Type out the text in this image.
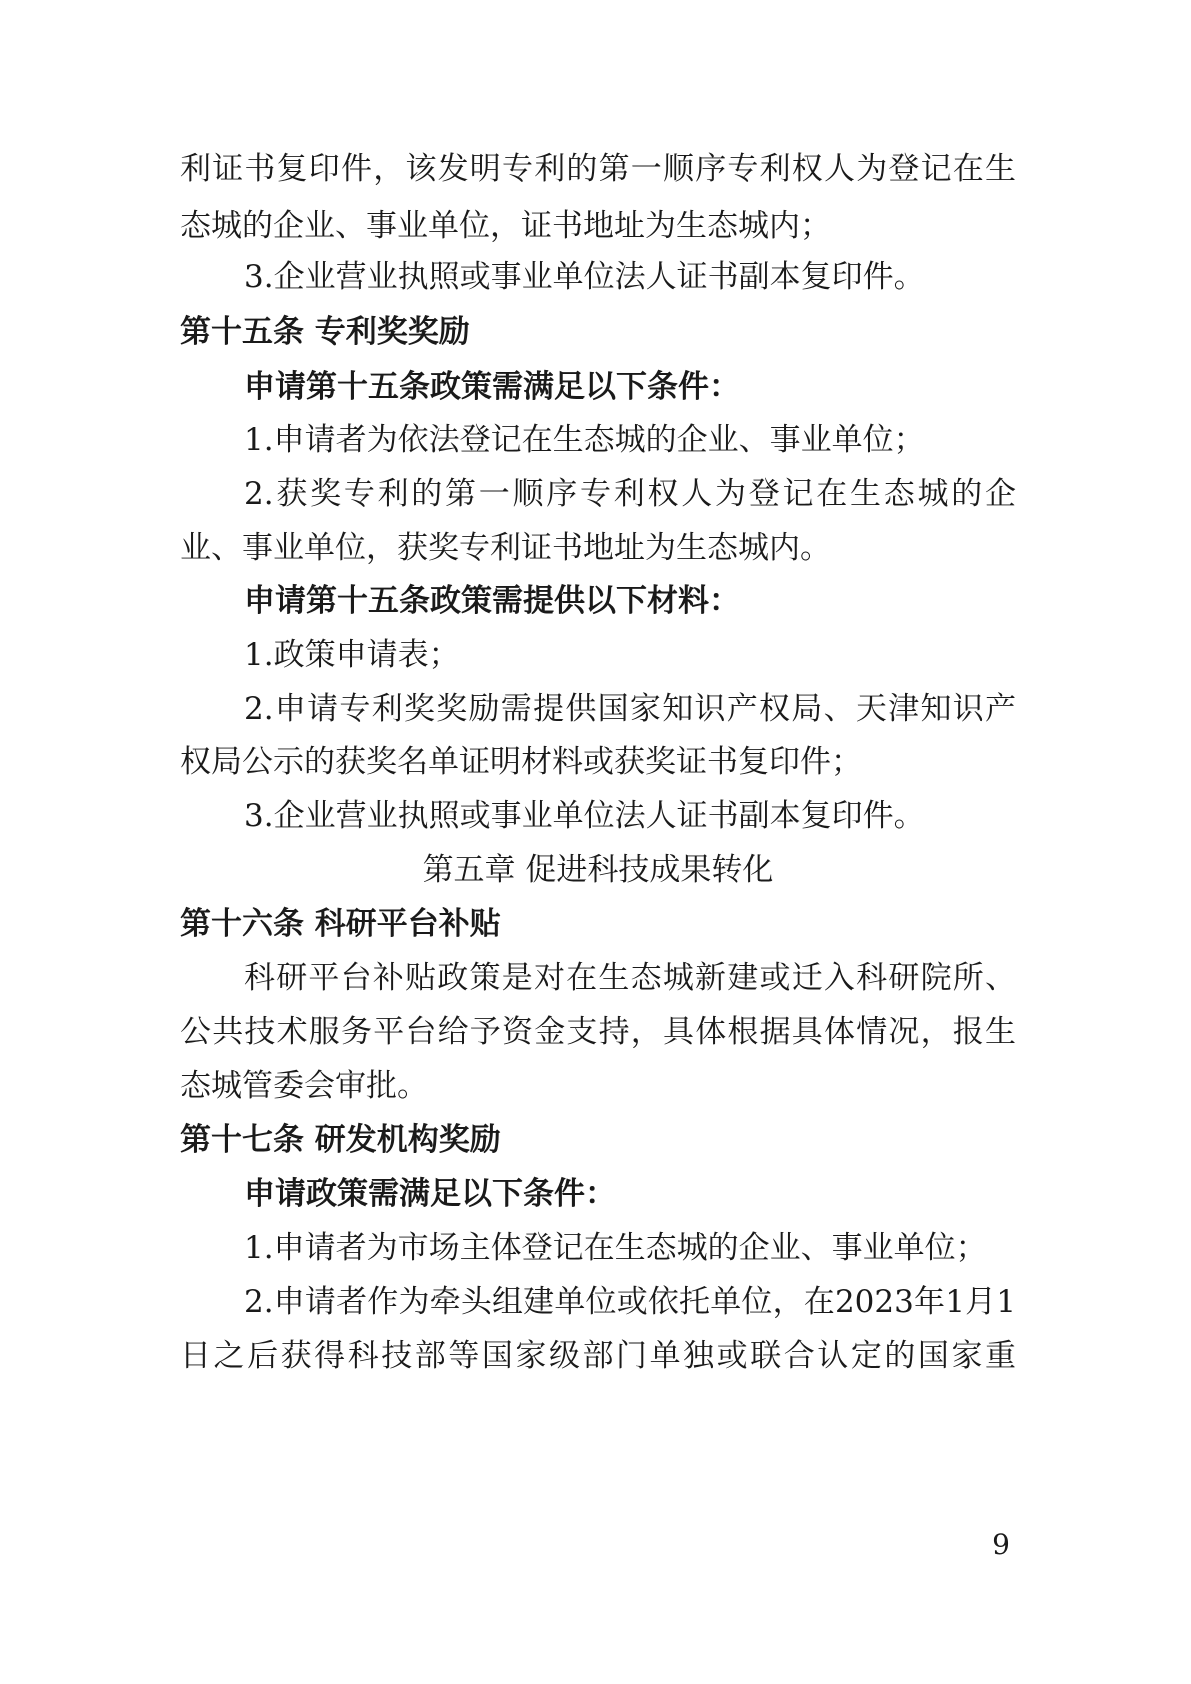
利证书复印件，该发明专利的第一顺序专利权人为登记在生
态城的企业、事业单位，证书地址为生态城内；
3.企业营业执照或事业单位法人证书副本复印件。
第十五条 专利奖奖励
申请第十五条政策需满足以下条件：
1.申请者为依法登记在生态城的企业、事业单位；
2.获奖专利的第一顺序专利权人为登记在生态城的企
业、事业单位，获奖专利证书地址为生态城内。
申请第十五条政策需提供以下材料：
1.政策申请表；
2.申请专利奖奖励需提供国家知识产权局、天津知识产
权局公示的获奖名单证明材料或获奖证书复印件；
3.企业营业执照或事业单位法人证书副本复印件。
第五章 促进科技成果转化
第十六条 科研平台补贴
科研平台补贴政策是对在生态城新建或迁入科研院所、
公共技术服务平台给予资金支持，具体根据具体情况，报生
态城管委会审批。
第十七条 研发机构奖励
申请政策需满足以下条件：
1.申请者为市场主体登记在生态城的企业、事业单位；
2.申请者作为牵头组建单位或依托单位，在2023年1月1
日之后获得科技部等国家级部门单独或联合认定的国家重
9
